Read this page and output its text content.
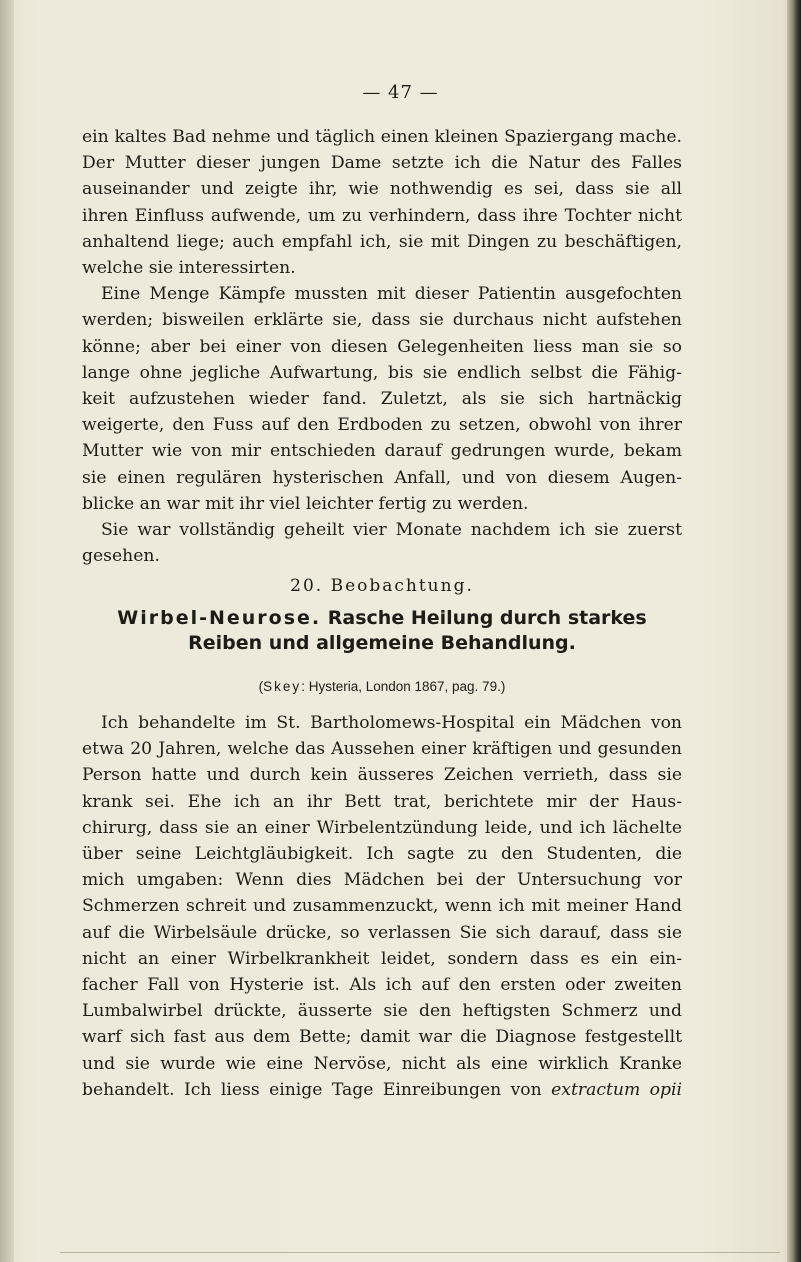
— 47 —
ein kaltes Bad nehme und täglich einen kleinen Spaziergang mache.
Der Mutter dieser jungen Dame setzte ich die Natur des Falles
auseinander und zeigte ihr, wie nothwendig es sei, dass sie all
ihren Einfluss aufwende, um zu verhindern, dass ihre Tochter nicht
anhaltend liege; auch empfahl ich, sie mit Dingen zu beschäftigen,
welche sie interessirten.
Eine Menge Kämpfe mussten mit dieser Patientin ausgefochten
werden; bisweilen erklärte sie, dass sie durchaus nicht aufstehen
könne; aber bei einer von diesen Gelegenheiten liess man sie so
lange ohne jegliche Aufwartung, bis sie endlich selbst die Fähig-
keit aufzustehen wieder fand. Zuletzt, als sie sich hartnäckig
weigerte, den Fuss auf den Erdboden zu setzen, obwohl von ihrer
Mutter wie von mir entschieden darauf gedrungen wurde, bekam
sie einen regulären hysterischen Anfall, und von diesem Augen-
blicke an war mit ihr viel leichter fertig zu werden.
Sie war vollständig geheilt vier Monate nachdem ich sie zuerst
gesehen.
20. Beobachtung.
Wirbel-Neurose. Rasche Heilung durch starkes
Reiben und allgemeine Behandlung.
(Skey: Hysteria, London 1867, pag. 79.)
Ich behandelte im St. Bartholomews-Hospital ein Mädchen von
etwa 20 Jahren, welche das Aussehen einer kräftigen und gesunden
Person hatte und durch kein äusseres Zeichen verrieth, dass sie
krank sei. Ehe ich an ihr Bett trat, berichtete mir der Haus-
chirurg, dass sie an einer Wirbelentzündung leide, und ich lächelte
über seine Leichtgläubigkeit. Ich sagte zu den Studenten, die
mich umgaben: Wenn dies Mädchen bei der Untersuchung vor
Schmerzen schreit und zusammenzuckt, wenn ich mit meiner Hand
auf die Wirbelsäule drücke, so verlassen Sie sich darauf, dass sie
nicht an einer Wirbelkrankheit leidet, sondern dass es ein ein-
facher Fall von Hysterie ist. Als ich auf den ersten oder zweiten
Lumbalwirbel drückte, äusserte sie den heftigsten Schmerz und
warf sich fast aus dem Bette; damit war die Diagnose festgestellt
und sie wurde wie eine Nervöse, nicht als eine wirklich Kranke
behandelt. Ich liess einige Tage Einreibungen von extractum opii
